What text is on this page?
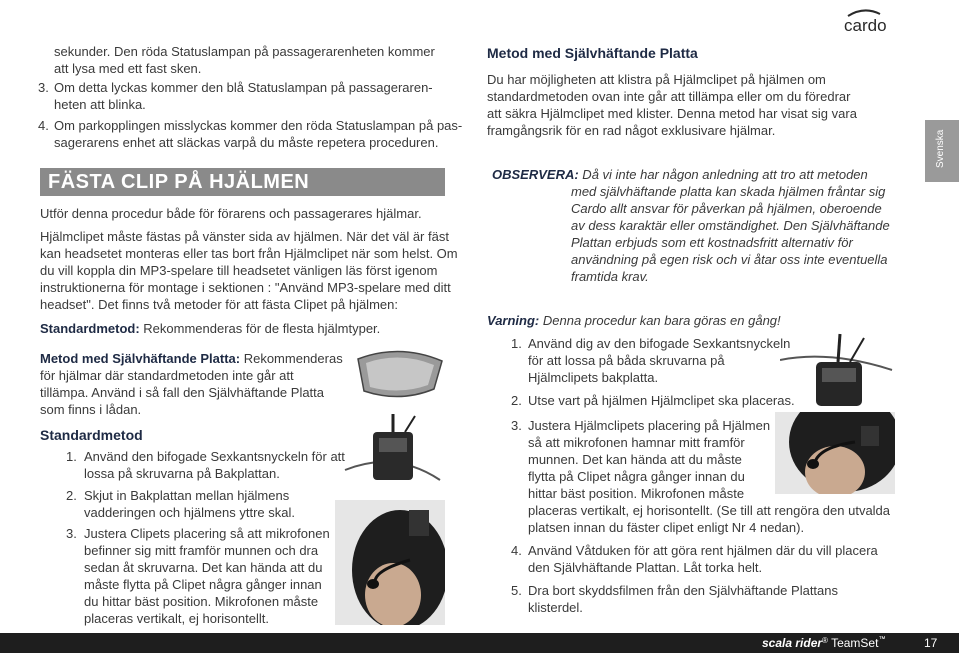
sekunder. Den röda Statuslampan på passagerarenheten kommer
att lysa med ett fast sken.
3. Om detta lyckas kommer den blå Statuslampan på passageraren-
heten att blinka.
4. Om parkopplingen misslyckas kommer den röda Statuslampan på pas-
sagerarens enhet att släckas varpå du måste repetera proceduren.
FÄSTA CLIP PÅ HJÄLMEN
Utför denna procedur både för förarens och passagerares hjälmar.
Hjälmclipet måste fästas på vänster sida av hjälmen. När det väl är fäst
kan headsetet monteras eller tas bort från Hjälmclipet när som helst. Om
du vill koppla din MP3-spelare till headsetet vänligen läs först igenom
instruktionerna för montage i sektionen : "Använd MP3-spelare med ditt
headset". Det finns två metoder för att fästa Clipet på hjälmen:
Standardmetod: Rekommenderas för de flesta hjälmtyper.
Metod med Självhäftande Platta: Rekommenderas
för hjälmar där standardmetoden inte går att
tillämpa. Använd i så fall den Självhäftande Platta
som finns i lådan.
Standardmetod
1. Använd den bifogade Sexkantsnyckeln för att
lossa på skruvarna på Bakplattan.
2. Skjut in Bakplattan mellan hjälmens
vadderingen och hjälmens yttre skal.
3. Justera Clipets placering så att mikrofonen
befinner sig mitt framför munnen och dra
sedan åt skruvarna. Det kan hända att du
måste flytta på Clipet några gånger innan
du hittar bäst position. Mikrofonen måste
placeras vertikalt, ej horisontellt.
cardo
Metod med Självhäftande Platta
Du har möjligheten att klistra på Hjälmclipet på hjälmen om
standardmetoden ovan inte går att tillämpa eller om du föredrar
att säkra Hjälmclipet med klister. Denna metod har visat sig vara
framgångsrik för en rad något exklusivare hjälmar.
OBSERVERA: Då vi inte har någon anledning att tro att metoden
med självhäftande platta kan skada hjälmen fråntar sig
Cardo allt ansvar för påverkan på hjälmen, oberoende
av dess karaktär eller omständighet. Den Självhäftande
Plattan erbjuds som ett kostnadsfritt alternativ för
användning på egen risk och vi åtar oss inte eventuella
framtida krav.
Varning: Denna procedur kan bara göras en gång!
1. Använd dig av den bifogade Sexkantsnyckeln
för att lossa på båda skruvarna på
Hjälmclipets bakplatta.
2. Utse vart på hjälmen Hjälmclipet ska placeras.
3. Justera Hjälmclipets placering på Hjälmen
så att mikrofonen hamnar mitt framför
munnen. Det kan hända att du måste
flytta på Clipet några gånger innan du
hittar bäst position. Mikrofonen måste
placeras vertikalt, ej horisontellt. (Se till att rengöra den utvalda
platsen innan du fäster clipet enligt Nr 4 nedan).
4. Använd Våtduken för att göra rent hjälmen där du vill placera
den Självhäftande Plattan. Låt torka helt.
5. Dra bort skyddsfilmen från den Självhäftande Plattans
klisterdel.
Svenska
scala rider® TeamSet™	17
